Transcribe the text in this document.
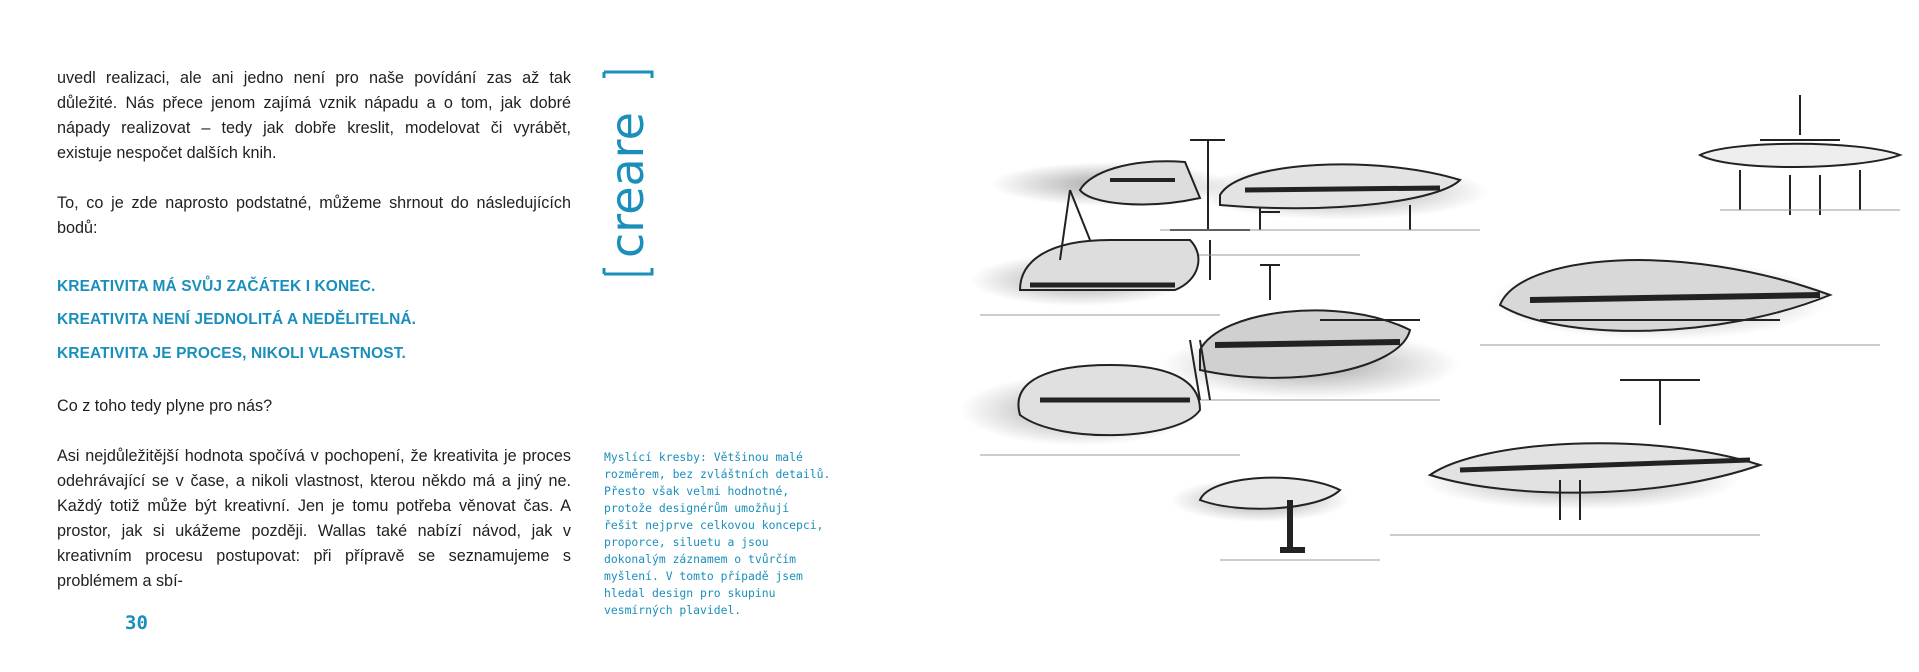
uvedl realizaci, ale ani jedno není pro naše povídání zas až tak důležité. Nás přece jenom zajímá vznik nápadu a o tom, jak dobré nápady realizovat – tedy jak dobře kreslit, modelovat či vyrábět, existuje nespočet dalších knih.

To, co je zde naprosto podstatné, můžeme shrnout do následujících bodů:

KREATIVITA MÁ SVŮJ ZAČÁTEK I KONEC.

KREATIVITA NENÍ JEDNOLITÁ A NEDĚLITELNÁ.

KREATIVITA JE PROCES, NIKOLI VLASTNOST.

Co z toho tedy plyne pro nás?

Asi nejdůležitější hodnota spočívá v pochopení, že kreativita je proces odehrávající se v čase, a nikoli vlastnost, kterou někdo má a jiný ne. Každý totiž může být kreativní. Jen je tomu potřeba věnovat čas. A prostor, jak si ukážeme později. Wallas také nabízí návod, jak v kreativním procesu postupovat: při přípravě se seznamujeme s problémem a sbí-

30
creare

Myslící kresby: Většinou malé
rozměrem, bez zvláštních detailů.
Přesto však velmi hodnotné,
protože designérům umožňují
řešit nejprve celkovou koncepci,
proporce, siluetu a jsou
dokonalým záznamem o tvůrčím
myšlení. V tomto případě jsem
hledal design pro skupinu
vesmírných plavidel.
